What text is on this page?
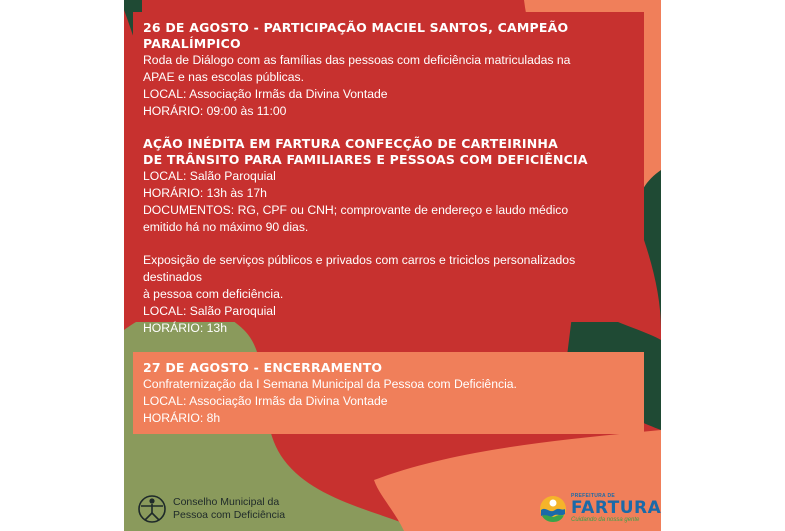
26 DE AGOSTO - PARTICIPAÇÃO MACIEL SANTOS, CAMPEÃO PARALÍMPICO

Roda de Diálogo com as famílias das pessoas com deficiência matriculadas na

APAE e nas escolas públicas.

LOCAL: Associação Irmãs da Divina Vontade

HORÁRIO: 09:00 às 11:00

AÇÃO INÉDITA EM FARTURA CONFECÇÃO DE CARTEIRINHA

DE TRÂNSITO PARA FAMILIARES E PESSOAS COM DEFICIÊNCIA

LOCAL: Salão Paroquial

HORÁRIO: 13h às 17h

DOCUMENTOS: RG, CPF ou CNH; comprovante de endereço e laudo médico

emitido há no máximo 90 dias.

Exposição de serviços públicos e privados com carros e triciclos personalizados destinados

à pessoa com deficiência.

LOCAL: Salão Paroquial

HORÁRIO: 13h

27 DE AGOSTO - ENCERRAMENTO

Confraternização da I Semana Municipal da Pessoa com Deficiência.

LOCAL: Associação Irmãs da Divina Vontade

HORÁRIO: 8h

Conselho Municipal da
Pessoa com Deficiência
PREFEITURA DE
FARTURA
Cuidando da nossa gente
